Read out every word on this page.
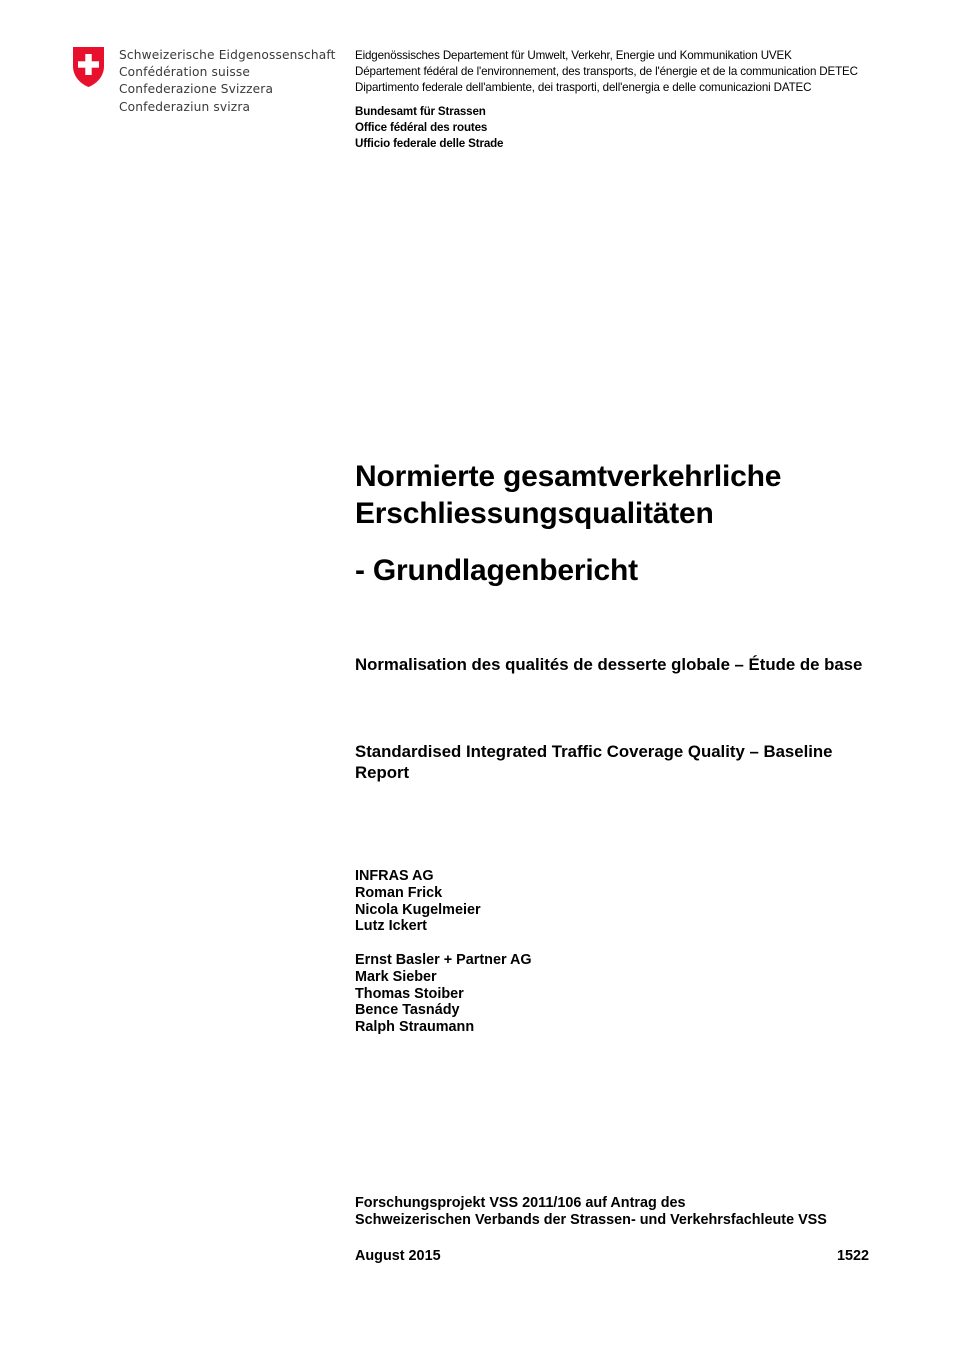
Schweizerische Eidgenossenschaft
Confédération suisse
Confederazione Svizzera
Confederaziun svizra
Eidgenössisches Departement für Umwelt, Verkehr, Energie und Kommunikation UVEK
Département fédéral de l'environnement, des transports, de l'énergie et de la communication DETEC
Dipartimento federale dell'ambiente, dei trasporti, dell'energia e delle comunicazioni DATEC
Bundesamt für Strassen
Office fédéral des routes
Ufficio federale delle Strade
Normierte gesamtverkehrliche
Erschliessungsqualitäten
- Grundlagenbericht
Normalisation des qualités de desserte globale – Étude de base
Standardised Integrated Traffic Coverage Quality – Baseline Report
INFRAS AG
Roman Frick
Nicola Kugelmeier
Lutz Ickert
Ernst Basler + Partner AG
Mark Sieber
Thomas Stoiber
Bence Tasnády
Ralph Straumann
Forschungsprojekt VSS 2011/106 auf Antrag des
Schweizerischen Verbands der Strassen- und Verkehrsfachleute VSS
August 2015	1522
